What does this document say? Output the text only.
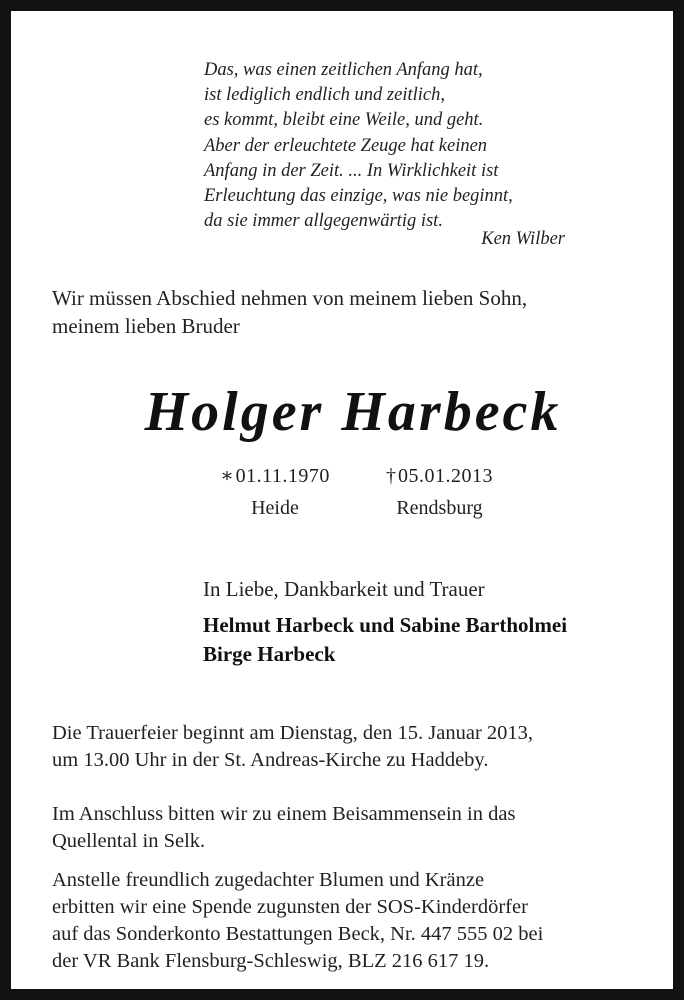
Das, was einen zeitlichen Anfang hat,
ist lediglich endlich und zeitlich,
es kommt, bleibt eine Weile, und geht.
Aber der erleuchtete Zeuge hat keinen
Anfang in der Zeit. ... In Wirklichkeit ist
Erleuchtung das einzige, was nie beginnt,
da sie immer allgegenwärtig ist.
Ken Wilber
Wir müssen Abschied nehmen von meinem lieben Sohn,
meinem lieben Bruder
Holger Harbeck
∗ 01.11.1970
Heide
† 05.01.2013
Rendsburg
In Liebe, Dankbarkeit und Trauer
Helmut Harbeck und Sabine Bartholmei
Birge Harbeck
Die Trauerfeier beginnt am Dienstag, den 15. Januar 2013,
um 13.00 Uhr in der St. Andreas-Kirche zu Haddeby.
Im Anschluss bitten wir zu einem Beisammensein in das
Quellental in Selk.
Anstelle freundlich zugedachter Blumen und Kränze
erbitten wir eine Spende zugunsten der SOS-Kinderdörfer
auf das Sonderkonto Bestattungen Beck, Nr. 447 555 02 bei
der VR Bank Flensburg-Schleswig, BLZ 216 617 19.
